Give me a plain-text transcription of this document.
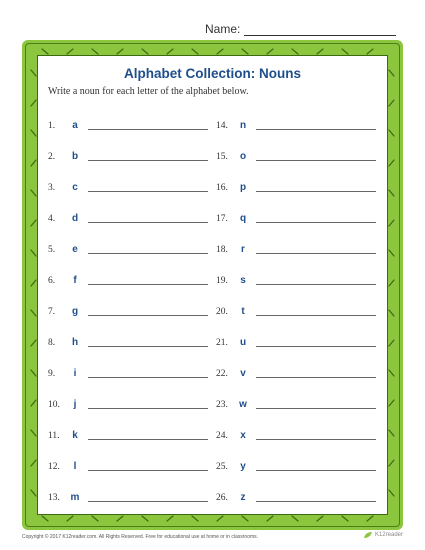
Name:
Alphabet Collection: Nouns
Write a noun for each letter of the alphabet below.
1.	a
2.	b
3.	c
4.	d
5.	e
6.	f
7.	g
8.	h
9.	i
10.	j
11.	k
12.	l
13.	m
14.	n
15.	o
16.	p
17.	q
18.	r
19.	s
20.	t
21.	u
22.	v
23.	w
24.	x
25.	y
26.	z
Copyright © 2017 K12reader.com. All Rights Reserved. Free for educational use at home or in classrooms.	K12reader
